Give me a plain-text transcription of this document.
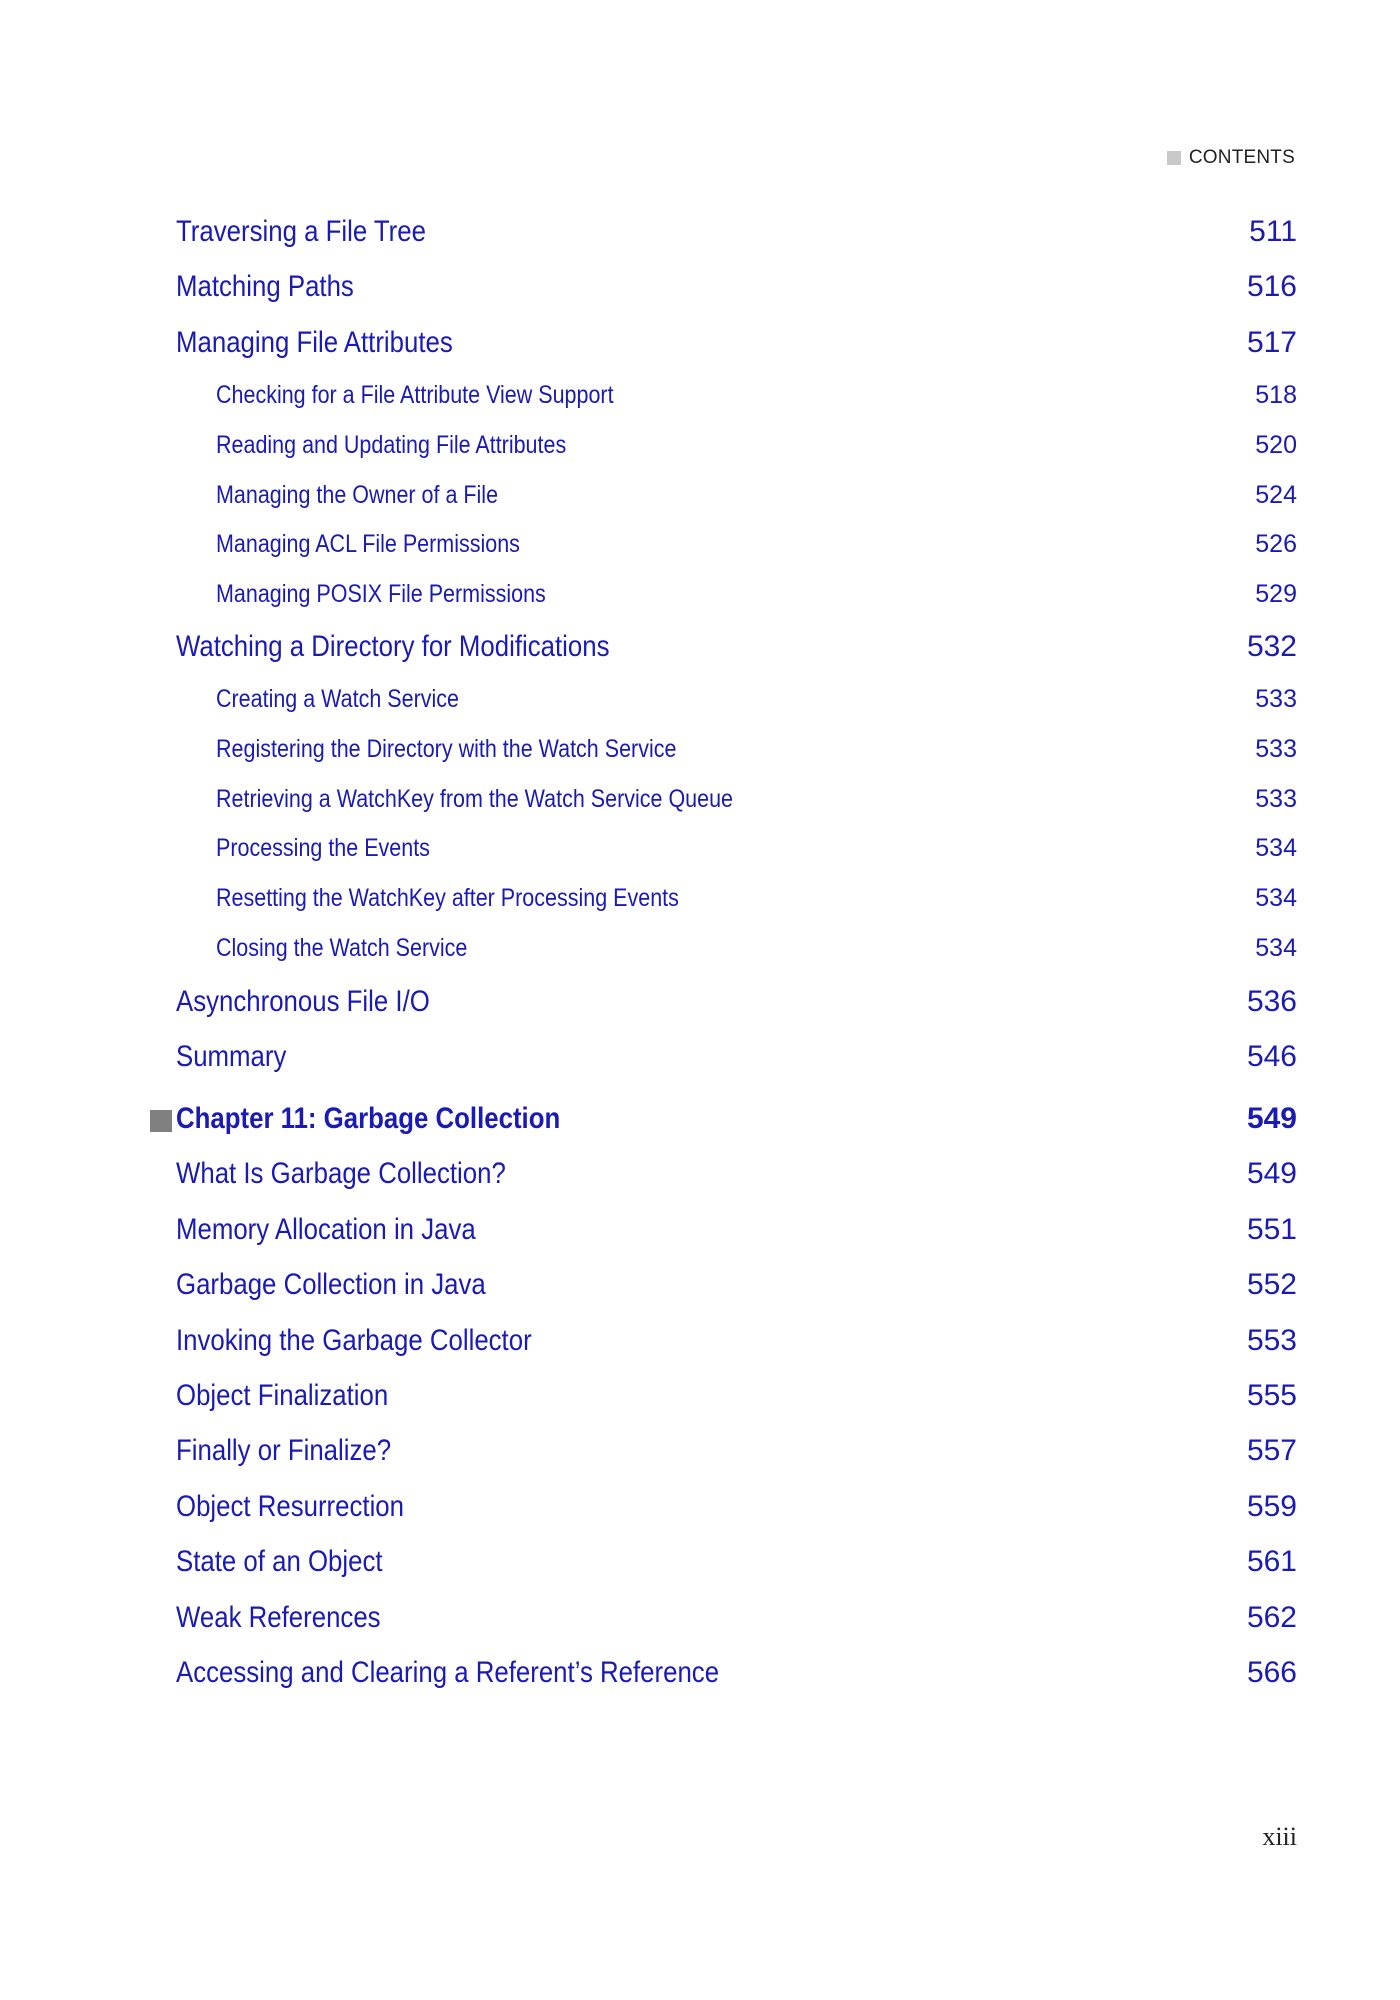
CONTENTS
Traversing a File Tree	511
Matching Paths	516
Managing File Attributes	517
Checking for a File Attribute View Support	518
Reading and Updating File Attributes	520
Managing the Owner of a File	524
Managing ACL File Permissions	526
Managing POSIX File Permissions	529
Watching a Directory for Modifications	532
Creating a Watch Service	533
Registering the Directory with the Watch Service	533
Retrieving a WatchKey from the Watch Service Queue	533
Processing the Events	534
Resetting the WatchKey after Processing Events	534
Closing the Watch Service	534
Asynchronous File I/O	536
Summary	546
Chapter 11: Garbage Collection	549
What Is Garbage Collection?	549
Memory Allocation in Java	551
Garbage Collection in Java	552
Invoking the Garbage Collector	553
Object Finalization	555
Finally or Finalize?	557
Object Resurrection	559
State of an Object	561
Weak References	562
Accessing and Clearing a Referent’s Reference	566
xiii
